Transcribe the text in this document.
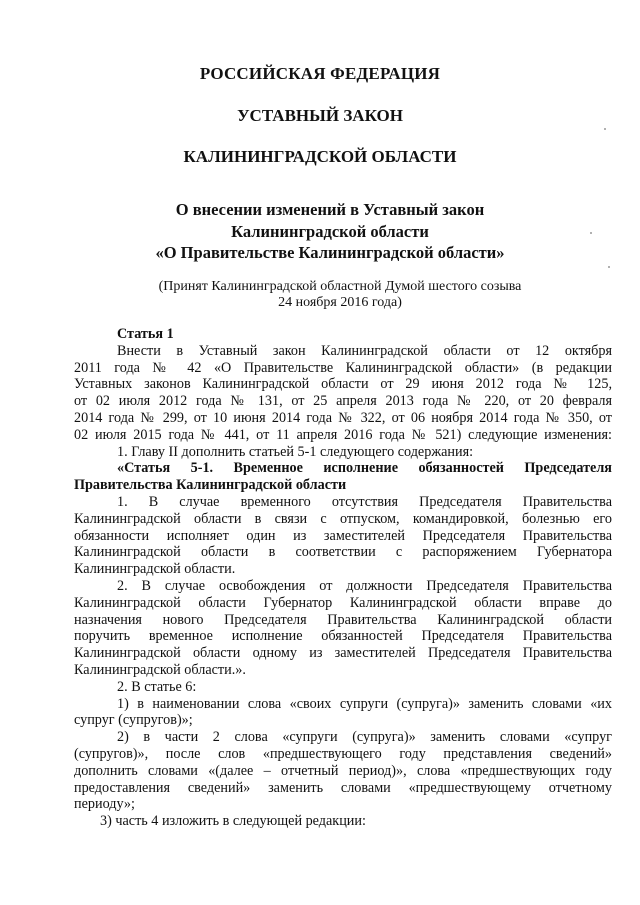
РОССИЙСКАЯ ФЕДЕРАЦИЯ
УСТАВНЫЙ ЗАКОН
КАЛИНИНГРАДСКОЙ ОБЛАСТИ
О внесении изменений в Уставный закон
Калининградской области
«О Правительстве Калининградской области»
(Принят Калининградской областной Думой шестого созыва
24 ноября 2016 года)

Статья 1

Внести в Уставный закон Калининградской области от 12 октября

2011 года № 42 «О Правительстве Калининградской области» (в редакции

Уставных законов Калининградской области от 29 июня 2012 года № 125,

от 02 июля 2012 года № 131, от 25 апреля 2013 года № 220, от 20 февраля

2014 года № 299, от 10 июня 2014 года № 322, от 06 ноября 2014 года № 350, от

02 июля 2015 года № 441, от 11 апреля 2016 года № 521) следующие изменения:

1. Главу II дополнить статьей 5-1 следующего содержания:

«Статья 5-1. Временное исполнение обязанностей Председателя

Правительства Калининградской области

1. В случае временного отсутствия Председателя Правительства

Калининградской области в связи с отпуском, командировкой, болезнью его

обязанности исполняет один из заместителей Председателя Правительства

Калининградской области в соответствии с распоряжением Губернатора

Калининградской области.

2. В случае освобождения от должности Председателя Правительства

Калининградской области Губернатор Калининградской области вправе до

назначения нового Председателя Правительства Калининградской области

поручить временное исполнение обязанностей Председателя Правительства

Калининградской области одному из заместителей Председателя Правительства

Калининградской области.».

2. В статье 6:

1) в наименовании слова «своих супруги (супруга)» заменить словами «их

супруг (супругов)»;

2) в части 2 слова «супруги (супруга)» заменить словами «супруг

(супругов)», после слов «предшествующего году представления сведений»

дополнить словами «(далее – отчетный период)», слова «предшествующих году

предоставления сведений» заменить словами «предшествующему отчетному

периоду»;

3) часть 4 изложить в следующей редакции:
